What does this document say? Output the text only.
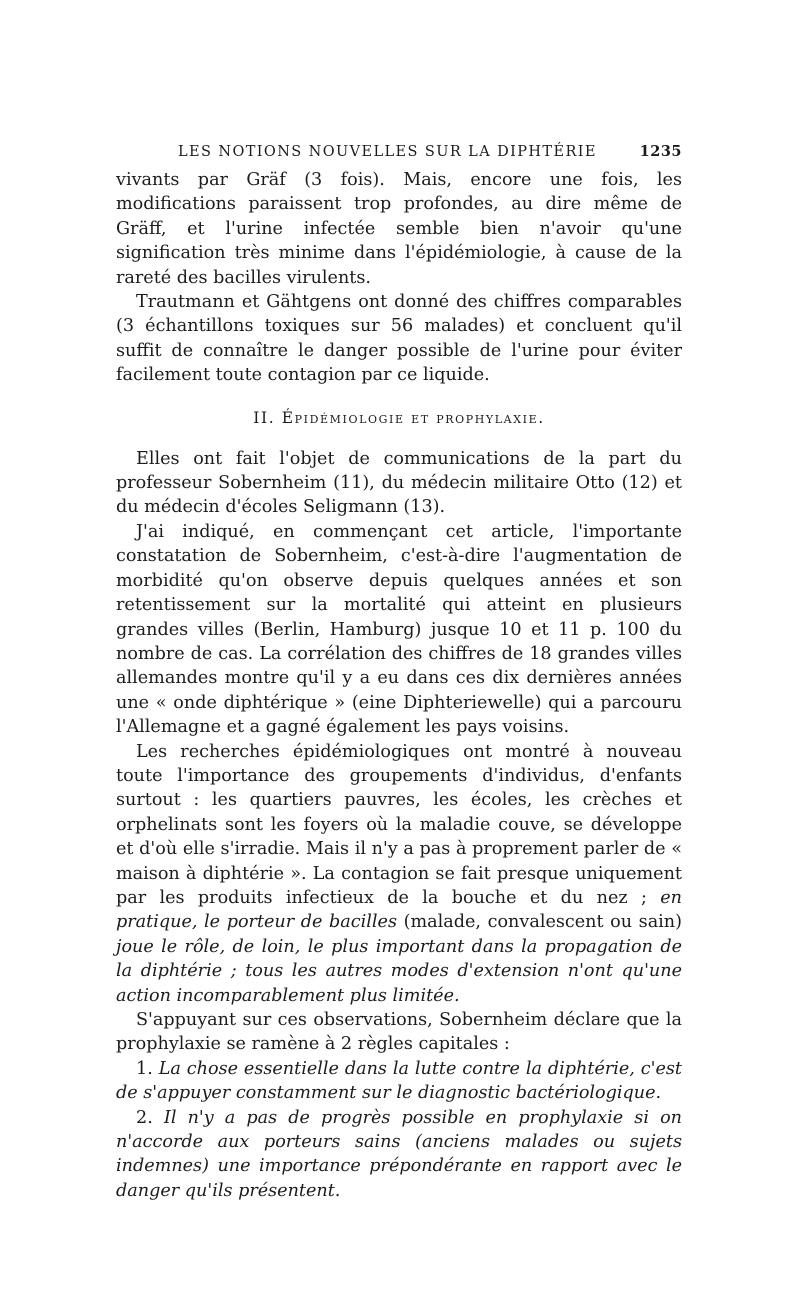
LES NOTIONS NOUVELLES SUR LA DIPHTÉRIE	1235

vivants par Gräf (3 fois). Mais, encore une fois, les modifications paraissent trop profondes, au dire même de Gräff, et l'urine infectée semble bien n'avoir qu'une signification très minime dans l'épidémiologie, à cause de la rareté des bacilles virulents.

Trautmann et Gähtgens ont donné des chiffres comparables (3 échantillons toxiques sur 56 malades) et concluent qu'il suffit de connaître le danger possible de l'urine pour éviter facilement toute contagion par ce liquide.

II. Épidémiologie et prophylaxie.

Elles ont fait l'objet de communications de la part du professeur Sobernheim (11), du médecin militaire Otto (12) et du médecin d'écoles Seligmann (13).

J'ai indiqué, en commençant cet article, l'importante constatation de Sobernheim, c'est-à-dire l'augmentation de morbidité qu'on observe depuis quelques années et son retentissement sur la mortalité qui atteint en plusieurs grandes villes (Berlin, Hamburg) jusque 10 et 11 p. 100 du nombre de cas. La corrélation des chiffres de 18 grandes villes allemandes montre qu'il y a eu dans ces dix dernières années une « onde diphtérique » (eine Diphteriewelle) qui a parcouru l'Allemagne et a gagné également les pays voisins.

Les recherches épidémiologiques ont montré à nouveau toute l'importance des groupements d'individus, d'enfants surtout : les quartiers pauvres, les écoles, les crèches et orphelinats sont les foyers où la maladie couve, se développe et d'où elle s'irradie. Mais il n'y a pas à proprement parler de « maison à diphtérie ». La contagion se fait presque uniquement par les produits infectieux de la bouche et du nez ; en pratique, le porteur de bacilles (malade, convalescent ou sain) joue le rôle, de loin, le plus important dans la propagation de la diphtérie ; tous les autres modes d'extension n'ont qu'une action incomparablement plus limitée.

S'appuyant sur ces observations, Sobernheim déclare que la prophylaxie se ramène à 2 règles capitales :

1. La chose essentielle dans la lutte contre la diphtérie, c'est de s'appuyer constamment sur le diagnostic bactériologique.

2. Il n'y a pas de progrès possible en prophylaxie si on n'accorde aux porteurs sains (anciens malades ou sujets indemnes) une importance prépondérante en rapport avec le danger qu'ils présentent.
